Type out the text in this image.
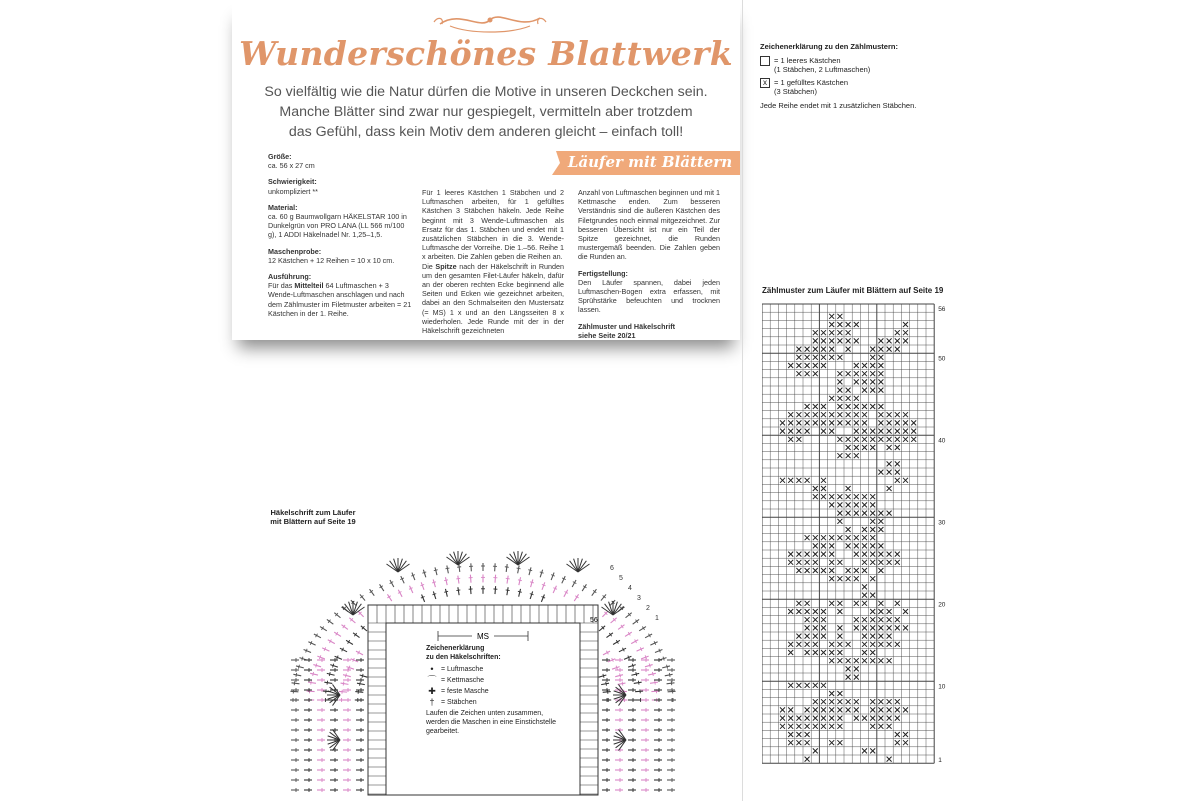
Wunderschönes Blattwerk
So vielfältig wie die Natur dürfen die Motive in unseren Deckchen sein.
Manche Blätter sind zwar nur gespiegelt, vermitteln aber trotzdem
das Gefühl, dass kein Motiv dem anderen gleicht – einfach toll!
Läufer mit Blättern

Größe:
ca. 56 x 27 cm

Schwierigkeit:
unkompliziert **

Material:
ca. 60 g Baumwollgarn HÄKELSTAR 100 in Dunkelgrün von PRO LANA (LL 566 m/100 g), 1 ADDI Häkelnadel Nr. 1,25–1,5.

Maschenprobe:
12 Kästchen + 12 Reihen = 10 x 10 cm.

Ausführung:
Für das Mittelteil 64 Luftmaschen + 3 Wende-Luftmaschen anschlagen und nach dem Zählmuster im Filetmuster arbeiten = 21 Kästchen in der 1. Reihe.

Für 1 leeres Kästchen 1 Stäbchen und 2 Luftmaschen arbeiten, für 1 gefülltes Kästchen 3 Stäbchen häkeln. Jede Reihe beginnt mit 3 Wende-Luftmaschen als Ersatz für das 1. Stäbchen und endet mit 1 zusätzlichen Stäbchen in die 3. Wende-Luftmasche der Vorreihe. Die 1.–56. Reihe 1 x arbeiten. Die Zahlen geben die Reihen an.
Die Spitze nach der Häkelschrift in Runden um den gesamten Filet-Läufer häkeln, dafür an der oberen rechten Ecke beginnend alle Seiten und Ecken wie gezeichnet arbeiten, dabei an den Schmalseiten den Mustersatz (= MS) 1 x und an den Längsseiten 8 x wiederholen. Jede Runde mit der in der Häkelschrift gezeichneten

Anzahl von Luftmaschen beginnen und mit 1 Kettmasche enden. Zum besseren Verständnis sind die äußeren Kästchen des Filetgrundes noch einmal mitgezeichnet. Zur besseren Übersicht ist nur ein Teil der Spitze gezeichnet, die Runden mustergemäß beenden. Die Zahlen geben die Runden an.

Fertigstellung:
Den Läufer spannen, dabei jeden Luftmaschen-Bogen extra erfassen, mit Sprühstärke befeuchten und trocknen lassen.

Zählmuster und Häkelschrift
siehe Seite 20/21

Zeichenerklärung zu den Zählmustern:
= 1 leeres Kästchen
(1 Stäbchen, 2 Luftmaschen)
x = 1 gefülltes Kästchen
(3 Stäbchen)
Jede Reihe endet mit 1 zusätzlichen Stäbchen.
Zählmuster zum Läufer mit Blättern auf Seite 19
56
50
40
30
20
10
1
Häkelschrift zum Läufer
mit Blättern auf Seite 19
MS
56
6
5
4
3
2
1
Zeichenerklärung
zu den Häkelschriften:
•	= Luftmasche
⌒ = Kettmasche
✚ = feste Masche
† = Stäbchen
Laufen die Zeichen unten zusammen, werden die Maschen in eine Einstichstelle gearbeitet.
